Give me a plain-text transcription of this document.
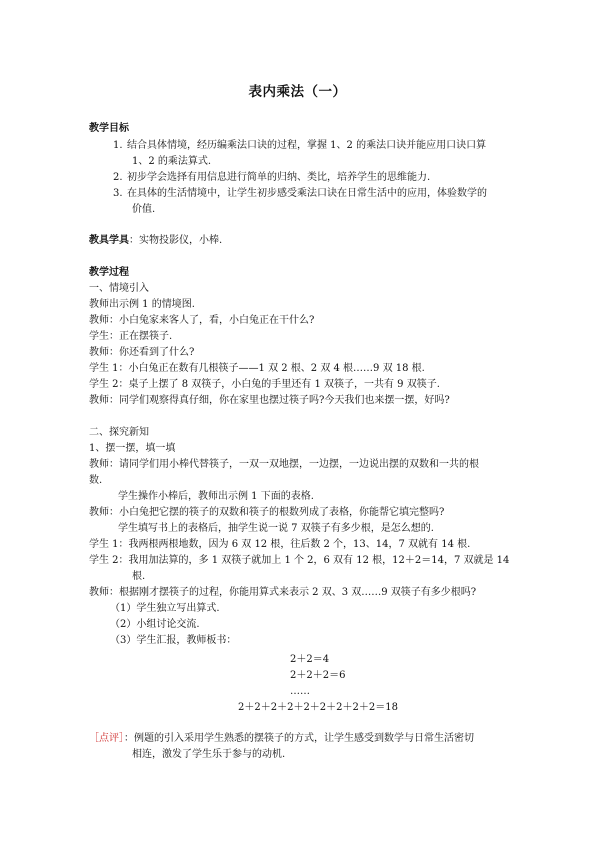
表内乘法（一）
教学目标
1. 结合具体情境，经历编乘法口诀的过程，掌握 1、2 的乘法口诀并能应用口诀口算
1、2 的乘法算式.
2. 初步学会选择有用信息进行简单的归纳、类比，培养学生的思维能力.
3. 在具体的生活情境中，让学生初步感受乘法口诀在日常生活中的应用，体验数学的
价值.
教具学具：实物投影仪，小棒.
教学过程
一、情境引入
教师出示例 1 的情境图.
教师：小白兔家来客人了，看，小白兔正在干什么?
学生：正在摆筷子.
教师：你还看到了什么?
学生 1：小白兔正在数有几根筷子——1 双 2 根、2 双 4 根……9 双 18 根.
学生 2：桌子上摆了 8 双筷子，小白兔的手里还有 1 双筷子，一共有 9 双筷子.
教师：同学们观察得真仔细，你在家里也摆过筷子吗?今天我们也来摆一摆，好吗?
二、探究新知
1、摆一摆，填一填
教师：请同学们用小棒代替筷子，一双一双地摆，一边摆，一边说出摆的双数和一共的根
数.
学生操作小棒后，教师出示例 1 下面的表格.
教师：小白兔把它摆的筷子的双数和筷子的根数列成了表格，你能帮它填完整吗?
学生填写书上的表格后，抽学生说一说 7 双筷子有多少根，是怎么想的.
学生 1：我两根两根地数，因为 6 双 12 根，往后数 2 个，13、14，7 双就有 14 根.
学生 2：我用加法算的，多 1 双筷子就加上 1 个 2，6 双有 12 根，12＋2＝14，7 双就是 14
根.
教师：根据刚才摆筷子的过程，你能用算式来表示 2 双、3 双……9 双筷子有多少根吗?
（1）学生独立写出算式.
（2）小组讨论交流.
（3）学生汇报，教师板书：
2＋2＝4
2＋2＋2＝6
……
2＋2＋2＋2＋2＋2＋2＋2＋2＝18
［点评］：例题的引入采用学生熟悉的摆筷子的方式，让学生感受到数学与日常生活密切
相连，激发了学生乐于参与的动机.
